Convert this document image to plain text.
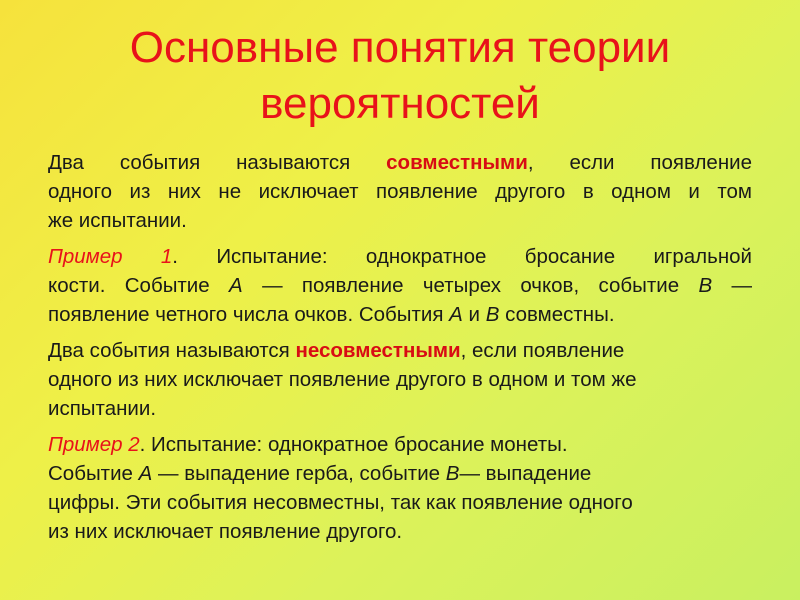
Основные понятия теории
вероятностей
Два события называются совместными, если появление
одного из них не исключает появление другого в одном и том
же испытании.
Пример 1. Испытание: однократное бросание игральной
кости. Событие А — появление четырех очков, событие В —
появление четного числа очков. События А и В совместны.
Два события называются несовместными, если появление
одного из них исключает появление другого в одном и том же
испытании.
Пример 2. Испытание: однократное бросание монеты.
Событие А — выпадение герба, событие В— выпадение
цифры. Эти события несовместны, так как появление одного
из них исключает появление другого.
